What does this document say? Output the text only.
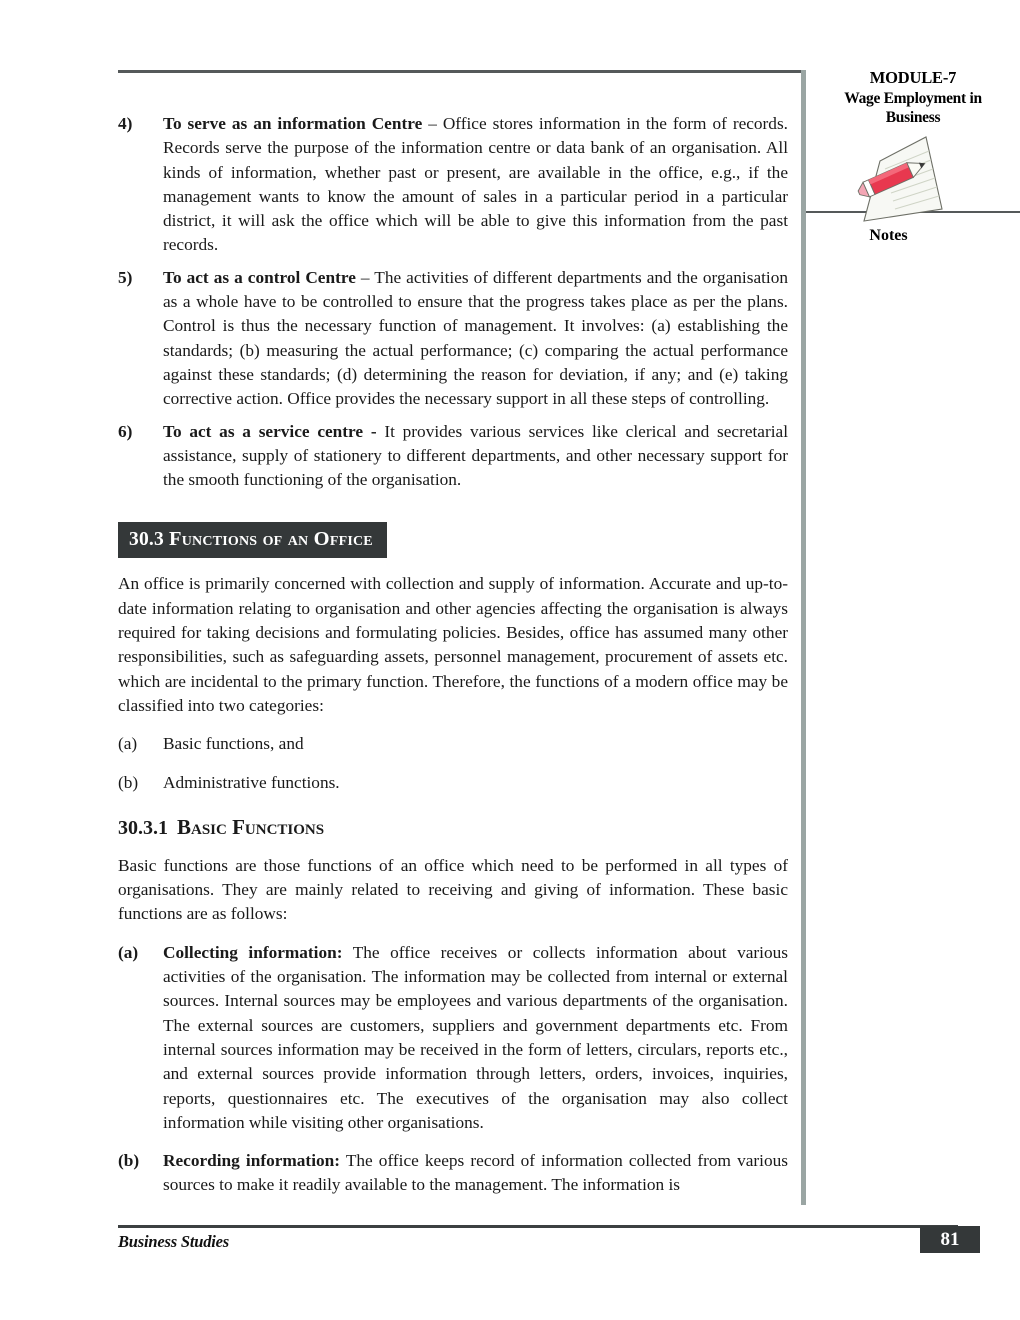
MODULE-7
Wage Employment in Business
Notes
4)	To serve as an information Centre – Office stores information in the form of records. Records serve the purpose of the information centre or data bank of an organisation. All kinds of information, whether past or present, are available in the office, e.g., if the management wants to know the amount of sales in a particular period in a particular district, it will ask the office which will be able to give this information from the past records.
5)	To act as a control Centre – The activities of different departments and the organisation as a whole have to be controlled to ensure that the progress takes place as per the plans. Control is thus the necessary function of management. It involves: (a) establishing the standards; (b) measuring the actual performance; (c) comparing the actual performance against these standards; (d) determining the reason for deviation, if any; and (e) taking corrective action. Office provides the necessary support in all these steps of controlling.
6)	To act as a service centre - It provides various services like clerical and secretarial assistance, supply of stationery to different departments, and other necessary support for the smooth functioning of the organisation.
30.3 Functions of an Office

An office is primarily concerned with collection and supply of information. Accurate and up-to-date information relating to organisation and other agencies affecting the organisation is always required for taking decisions and formulating policies. Besides, office has assumed many other responsibilities, such as safeguarding assets, personnel management, procurement of assets etc. which are incidental to the primary function. Therefore, the functions of a modern office may be classified into two categories:

(a)	Basic functions, and
(b)	Administrative functions.
30.3.1 Basic Functions

Basic functions are those functions of an office which need to be performed in all types of organisations. They are mainly related to receiving and giving of information. These basic functions are as follows:

(a)	Collecting information: The office receives or collects information about various activities of the organisation. The information may be collected from internal or external sources. Internal sources may be employees and various departments of the organisation. The external sources are customers, suppliers and government departments etc. From internal sources information may be received in the form of letters, circulars, reports etc., and external sources provide information through letters, orders, invoices, inquiries, reports, questionnaires etc. The executives of the organisation may also collect information while visiting other organisations.
(b)	Recording information: The office keeps record of information collected from various sources to make it readily available to the management. The information is
Business Studies	81
